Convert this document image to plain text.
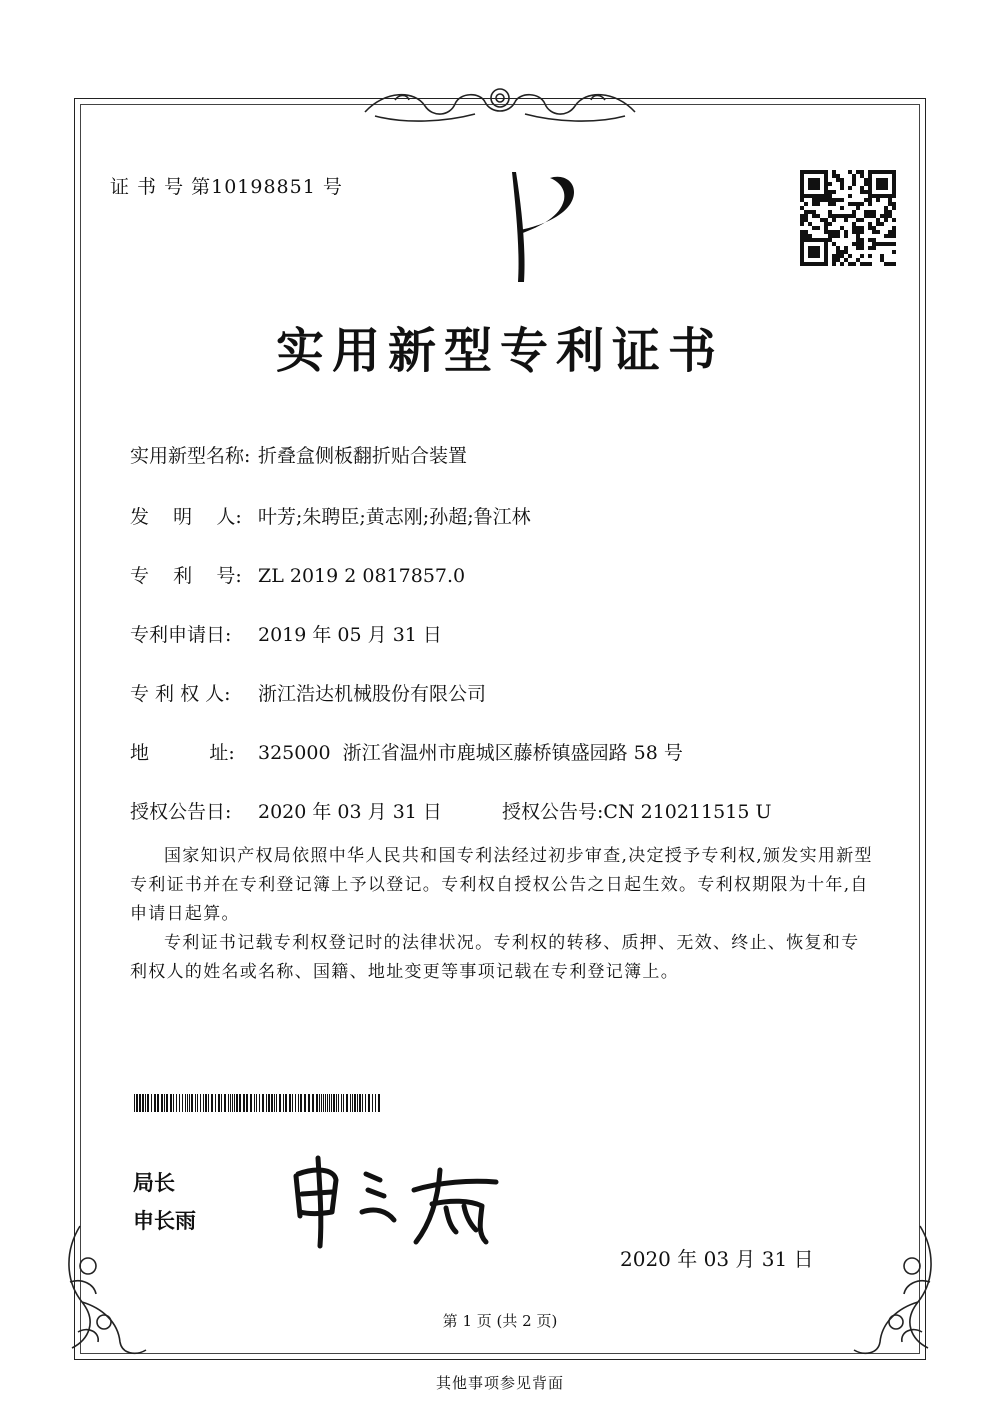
证 书 号 第10198851 号
实用新型专利证书
实用新型名称: 折叠盒侧板翻折贴合装置
发    明    人: 叶芳;朱聘臣;黄志刚;孙超;鲁江林
专    利    号: ZL 2019 2 0817857.0
专利申请日: 2019 年 05 月 31 日
专 利 权 人: 浙江浩达机械股份有限公司
地          址: 325000  浙江省温州市鹿城区藤桥镇盛园路 58 号
授权公告日: 2020 年 03 月 31 日	授权公告号:CN 210211515 U
国家知识产权局依照中华人民共和国专利法经过初步审查,决定授予专利权,颁发实用新型专利证书并在专利登记簿上予以登记。专利权自授权公告之日起生效。专利权期限为十年,自申请日起算。
专利证书记载专利权登记时的法律状况。专利权的转移、质押、无效、终止、恢复和专利权人的姓名或名称、国籍、地址变更等事项记载在专利登记簿上。
局长
申长雨
2020 年 03 月 31 日
第 1 页 (共 2 页)
其他事项参见背面
